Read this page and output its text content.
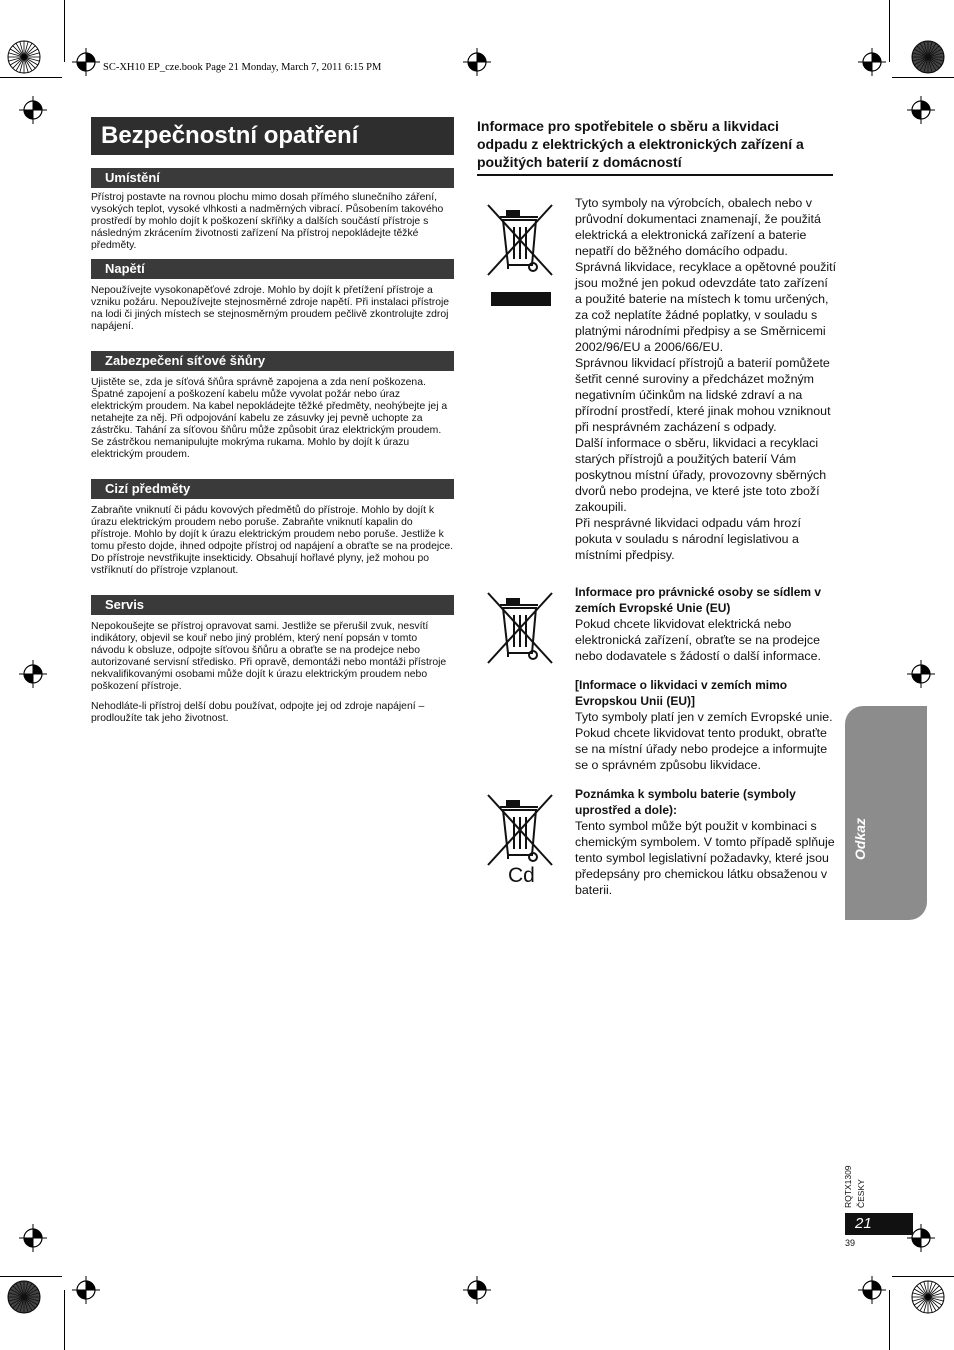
SC-XH10 EP_cze.book Page 21 Monday, March 7, 2011 6:15 PM
Bezpečnostní opatření
Umístění

Přístroj postavte na rovnou plochu mimo dosah přímého slunečního záření, vysokých teplot, vysoké vlhkosti a nadměrných vibrací. Působením takového prostředí by mohlo dojít k poškození skříňky a dalších součástí přístroje s následným zkrácením životnosti zařízení Na přístroj nepokládejte těžké předměty.

Napětí

Nepoužívejte vysokonapěťové zdroje. Mohlo by dojít k přetížení přístroje a vzniku požáru. Nepoužívejte stejnosměrné zdroje napětí. Při instalaci přístroje na lodi či jiných místech se stejnosměrným proudem pečlivě zkontrolujte zdroj napájení.

Zabezpečení síťové šňůry

Ujistěte se, zda je síťová šňůra správně zapojena a zda není poškozena. Špatné zapojení a poškození kabelu může vyvolat požár nebo úraz elektrickým proudem. Na kabel nepokládejte těžké předměty, neohýbejte jej a netahejte za něj. Při odpojování kabelu ze zásuvky jej pevně uchopte za zástrčku. Tahání za síťovou šňůru může způsobit úraz elektrickým proudem. Se zástrčkou nemanipulujte mokrýma rukama. Mohlo by dojít k úrazu elektrickým proudem.

Cizí předměty

Zabraňte vniknutí či pádu kovových předmětů do přístroje. Mohlo by dojít k úrazu elektrickým proudem nebo poruše. Zabraňte vniknutí kapalin do přístroje. Mohlo by dojít k úrazu elektrickým proudem nebo poruše. Jestliže k tomu přesto dojde, ihned odpojte přístroj od napájení a obraťte se na prodejce. Do přístroje nevstřikujte insekticidy. Obsahují hořlavé plyny, jež mohou po vstříknutí do přístroje vzplanout.

Servis

Nepokoušejte se přístroj opravovat sami. Jestliže se přerušil zvuk, nesvítí indikátory, objevil se kouř nebo jiný problém, který není popsán v tomto návodu k obsluze, odpojte síťovou šňůru a obraťte se na prodejce nebo autorizované servisní středisko. Při opravě, demontáži nebo montáži přístroje nekvalifikovanými osobami může dojít k úrazu elektrickým proudem nebo poškození přístroje.

Nehodláte-li přístroj delší dobu používat, odpojte jej od zdroje napájení – prodloužíte tak jeho životnost.

Informace pro spotřebitele o sběru a likvidaci odpadu z elektrických a elektronických zařízení a použitých baterií z domácností

Tyto symboly na výrobcích, obalech nebo v průvodní dokumentaci znamenají, že použitá elektrická a elektronická zařízení a baterie nepatří do běžného domácího odpadu.

Správná likvidace, recyklace a opětovné použití jsou možné jen pokud odevzdáte tato zařízení a použité baterie na místech k tomu určených, za což neplatíte žádné poplatky, v souladu s platnými národními předpisy a se Směrnicemi 2002/96/EU a 2006/66/EU.

Správnou likvidací přístrojů a baterií pomůžete šetřit cenné suroviny a předcházet možným negativním účinkům na lidské zdraví a na přírodní prostředí, které jinak mohou vzniknout při nesprávném zacházení s odpady.

Další informace o sběru, likvidaci a recyklaci starých přístrojů a použitých baterií Vám poskytnou místní úřady, provozovny sběrných dvorů nebo prodejna, ve které jste toto zboží zakoupili.

Při nesprávné likvidaci odpadu vám hrozí pokuta v souladu s národní legislativou a místními předpisy.

Informace pro právnické osoby se sídlem v zemích Evropské Unie (EU)

Pokud chcete likvidovat elektrická nebo elektronická zařízení, obraťte se na prodejce nebo dodavatele s žádostí o další informace.

[Informace o likvidaci v zemích mimo Evropskou Unii (EU)]

Tyto symboly platí jen v zemích Evropské unie. Pokud chcete likvidovat tento produkt, obraťte se na místní úřady nebo prodejce a informujte se o správném způsobu likvidace.

Cd

Poznámka k symbolu baterie (symboly uprostřed a dole):

Tento symbol může být použit v kombinaci s chemickým symbolem. V tomto případě splňuje tento symbol legislativní požadavky, které jsou předepsány pro chemickou látku obsaženou v baterii.

Odkaz
RQTX1309 ČESKY
21
39
